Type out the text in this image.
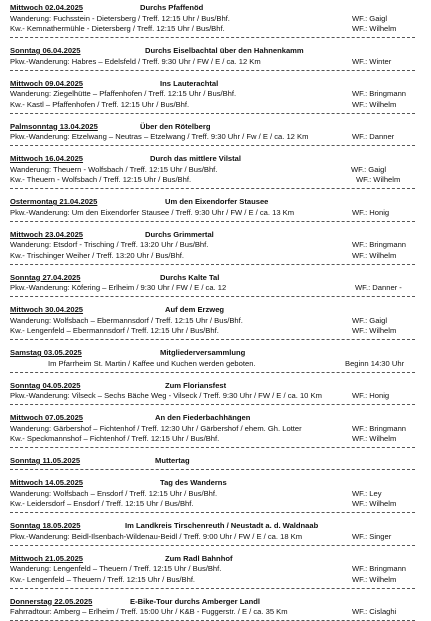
Mittwoch 02.04.2025	Durchs Pfaffenöd
Wanderung: Fuchsstein - Dietersberg / Treff. 12:15 Uhr / Bus/Bhf.	WF.: Gaigl
Kw.- Kemnathermühle - Dietersberg / Treff. 12:15 Uhr / Bus/Bhf.	WF.: Wilhelm
Sonntag 06.04.2025	Durchs Eiselbachtal über den Hahnenkamm
Pkw.-Wanderung: Habres – Edelsfeld / Treff. 9:30 Uhr / FW / E / ca. 12 Km	WF.: Winter
Mittwoch 09.04.2025	Ins Lauterachtal
Wanderung: Ziegelhütte – Pfaffenhofen / Treff. 12:15 Uhr / Bus/Bhf.	WF.: Bringmann
Kw.- Kastl – Pfaffenhofen / Treff. 12:15 Uhr / Bus/Bhf.	WF.: Wilhelm
Palmsonntag 13.04.2025	Über den Rötelberg
Pkw.-Wanderung: Etzelwang – Neutras – Etzelwang / Treff. 9:30 Uhr / Fw / E / ca. 12 Km	WF.: Danner
Mittwoch 16.04.2025	Durch das mittlere Vilstal
Wanderung: Theuern - Wolfsbach / Treff. 12:15 Uhr / Bus/Bhf.	WF.: Gaigl
Kw.- Theuern - Wolfsbach / Treff. 12:15 Uhr / Bus/Bhf.	WF.: Wilhelm
Ostermontag 21.04.2025	Um den Eixendorfer Stausee
Pkw.-Wanderung: Um den Eixendorfer Stausee / Treff. 9:30 Uhr / FW / E / ca. 13 Km	WF.: Honig
Mittwoch 23.04.2025	Durchs Grimmertal
Wanderung: Etsdorf - Trisching / Treff. 13:20 Uhr / Bus/Bhf.	WF.: Bringmann
Kw.- Trischinger Weiher / Treff. 13:20 Uhr / Bus/Bhf.	WF.: Wilhelm
Sonntag 27.04.2025	Durchs Kalte Tal
Pkw.-Wanderung: Köfering – Erlheim / 9:30 Uhr / FW / E / ca. 12	WF.: Danner -
Mittwoch 30.04.2025	Auf dem Erzweg
Wanderung: Wolfsbach – Ebermannsdorf / Treff. 12:15 Uhr / Bus/Bhf.	WF.: Gaigl
Kw.- Lengenfeld – Ebermannsdorf / Treff. 12:15 Uhr / Bus/Bhf.	WF.: Wilhelm
Samstag 03.05.2025	Mitgliederversammlung
Im Pfarrheim St. Martin / Kaffee und Kuchen werden geboten.	Beginn 14:30 Uhr
Sonntag 04.05.2025	Zum Floriansfest
Pkw.-Wanderung: Vilseck – Sechs Bäche Weg - Vilseck / Treff. 9:30 Uhr / FW / E / ca. 10 Km	WF.: Honig
Mittwoch 07.05.2025	An den Fiederbachhängen
Wanderung: Gärbershof – Fichtenhof / Treff. 12:30 Uhr / Gärbershof / ehem. Gh. Lotter	WF.: Bringmann
Kw.- Speckmannshof – Fichtenhof / Treff. 12:15 Uhr / Bus/Bhf.	WF.: Wilhelm
Sonntag 11.05.2025	Muttertag
Mittwoch 14.05.2025	Tag des Wanderns
Wanderung: Wolfsbach – Ensdorf / Treff. 12:15 Uhr / Bus/Bhf.	WF.: Ley
Kw.- Leidersdorf – Ensdorf / Treff. 12:15 Uhr / Bus/Bhf.	WF.: Wilhelm
Sonntag 18.05.2025	Im Landkreis Tirschenreuth / Neustadt a. d. Waldnaab
Pkw.-Wanderung: Beidl-Ilsenbach-Wildenau-Beidl / Treff. 9:00 Uhr / FW / E / ca. 18 Km	WF.: Singer
Mittwoch 21.05.2025	Zum Radl Bahnhof
Wanderung: Lengenfeld – Theuern / Treff. 12:15 Uhr / Bus/Bhf.	WF.: Bringmann
Kw.- Lengenfeld – Theuern / Treff. 12:15 Uhr / Bus/Bhf.	WF.: Wilhelm
Donnerstag 22.05.2025	E-Bike-Tour durchs Amberger Landl
Fahrradtour: Amberg – Erlheim / Treff. 15:00 Uhr / K&B - Fuggerstr. / E / ca. 35 Km	WF.: Cislaghi
